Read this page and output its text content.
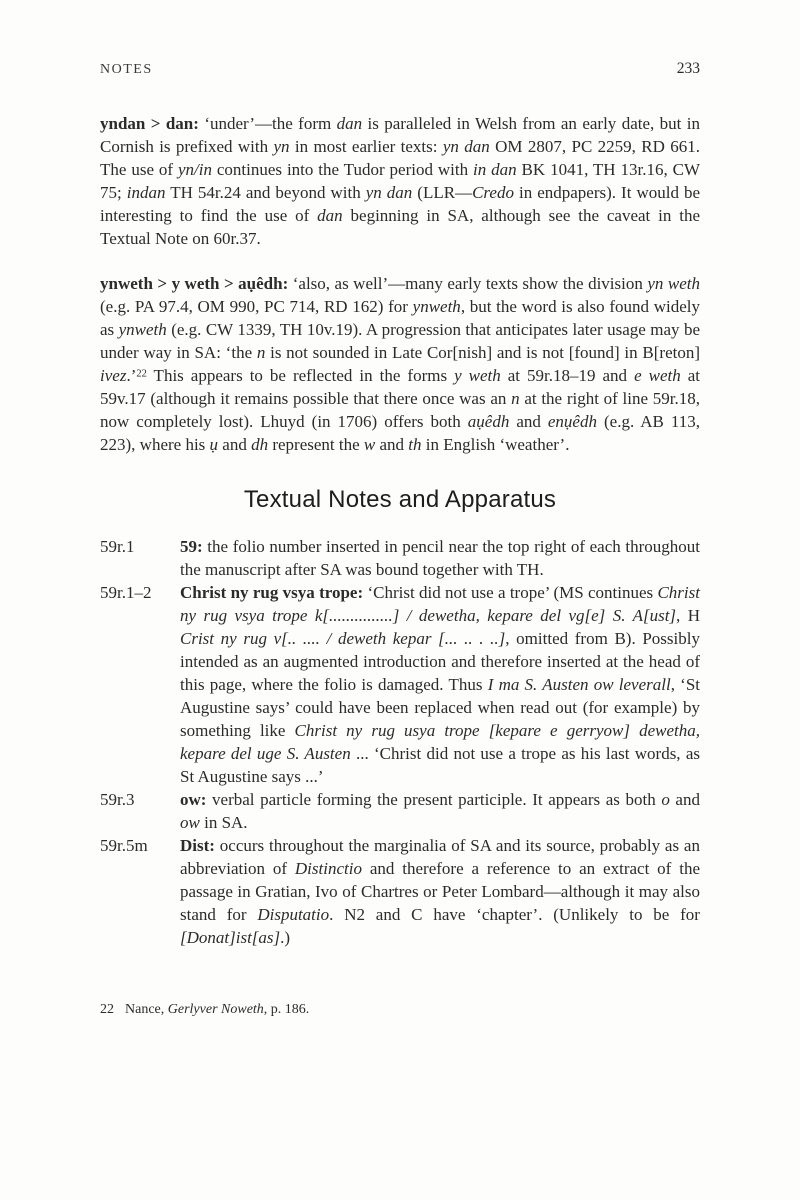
NOTES	233

yndan > dan: ‘under’—the form dan is paralleled in Welsh from an early date, but in Cornish is prefixed with yn in most earlier texts: yn dan OM 2807, PC 2259, RD 661. The use of yn/in continues into the Tudor period with in dan BK 1041, TH 13r.16, CW 75; indan TH 54r.24 and beyond with yn dan (LLR—Credo in endpapers). It would be interesting to find the use of dan beginning in SA, although see the caveat in the Textual Note on 60r.37.

ynweth > y weth > aụêdh: ‘also, as well’—many early texts show the division yn weth (e.g. PA 97.4, OM 990, PC 714, RD 162) for ynweth, but the word is also found widely as ynweth (e.g. CW 1339, TH 10v.19). A progression that anticipates later usage may be under way in SA: ‘the n is not sounded in Late Cor[nish] and is not [found] in B[reton] ivez.’$^{22}$ This appears to be reflected in the forms y weth at 59r.18–19 and e weth at 59v.17 (although it remains possible that there once was an n at the right of line 59r.18, now completely lost). Lhuyd (in 1706) offers both aụêdh and enụêdh (e.g. AB 113, 223), where his ụ and dh represent the w and th in English ‘weather’.

Textual Notes and Apparatus
59r.1	59: the folio number inserted in pencil near the top right of each throughout the manuscript after SA was bound together with TH.
59r.1–2	Christ ny rug vsya trope: ‘Christ did not use a trope’ (MS continues Christ ny rug vsya trope k[...............] / dewetha, kepare del vg[e] S. A[ust], H Crist ny rug v[.. .... / deweth kepar [... .. . ..], omitted from B). Possibly intended as an augmented introduction and therefore inserted at the head of this page, where the folio is damaged. Thus I ma S. Austen ow leverall, ‘St Augustine says’ could have been replaced when read out (for example) by something like Christ ny rug usya trope [kepare e gerryow] dewetha, kepare del uge S. Austen ... ‘Christ did not use a trope as his last words, as St Augustine says ...’
59r.3	ow: verbal particle forming the present participle. It appears as both o and ow in SA.
59r.5m	Dist: occurs throughout the marginalia of SA and its source, probably as an abbreviation of Distinctio and therefore a reference to an extract of the passage in Gratian, Ivo of Chartres or Peter Lombard—although it may also stand for Disputatio. N2 and C have ‘chapter’. (Unlikely to be for [Donat]ist[as].)
22 Nance, Gerlyver Noweth, p. 186.
